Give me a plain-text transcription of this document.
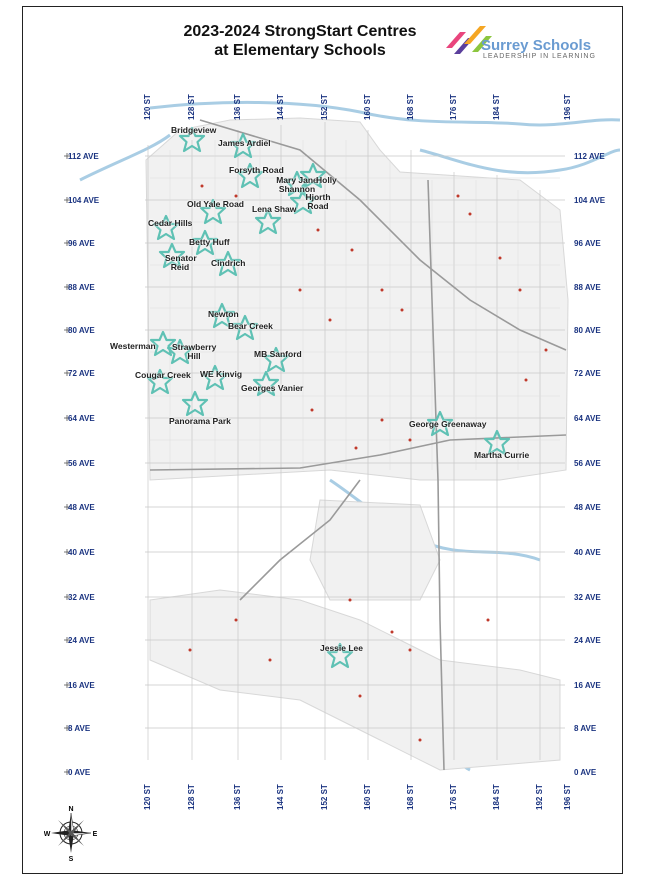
2023-2024 StrongStart Centres
at Elementary Schools	Surrey Schools
LEADERSHIP IN LEARNING
112 AVE
104 AVE
96 AVE
88 AVE
80 AVE
72 AVE
64 AVE
56 AVE
48 AVE
40 AVE
32 AVE
24 AVE
16 AVE
8 AVE
0 AVE
112 AVE
104 AVE
96 AVE
88 AVE
80 AVE
72 AVE
64 AVE
56 AVE
48 AVE
40 AVE
32 AVE
24 AVE
16 AVE
8 AVE
0 AVE
120 ST	128 ST	136 ST	144 ST	152 ST	160 ST	168 ST	176 ST	184 ST	196 ST
120 ST	128 ST	136 ST	144 ST	152 ST	160 ST	168 ST	176 ST	184 ST	192 ST 196 ST
Bridgeview
James Ardiel
Forsyth Road
Mary Jane Shannon
Holly
Hjorth Road
Old Yale Road Lena Shaw
Cedar Hills
Betty Huff
Senator Reid	Cindrich
Newton
Bear Creek
Westerman Strawberry Hill	MB Sanford
Cougar Creek WE Kinvig
Georges Vanier
Panorama Park	George Greenaway
Martha Currie
Jessie Lee
N
S
E
W
